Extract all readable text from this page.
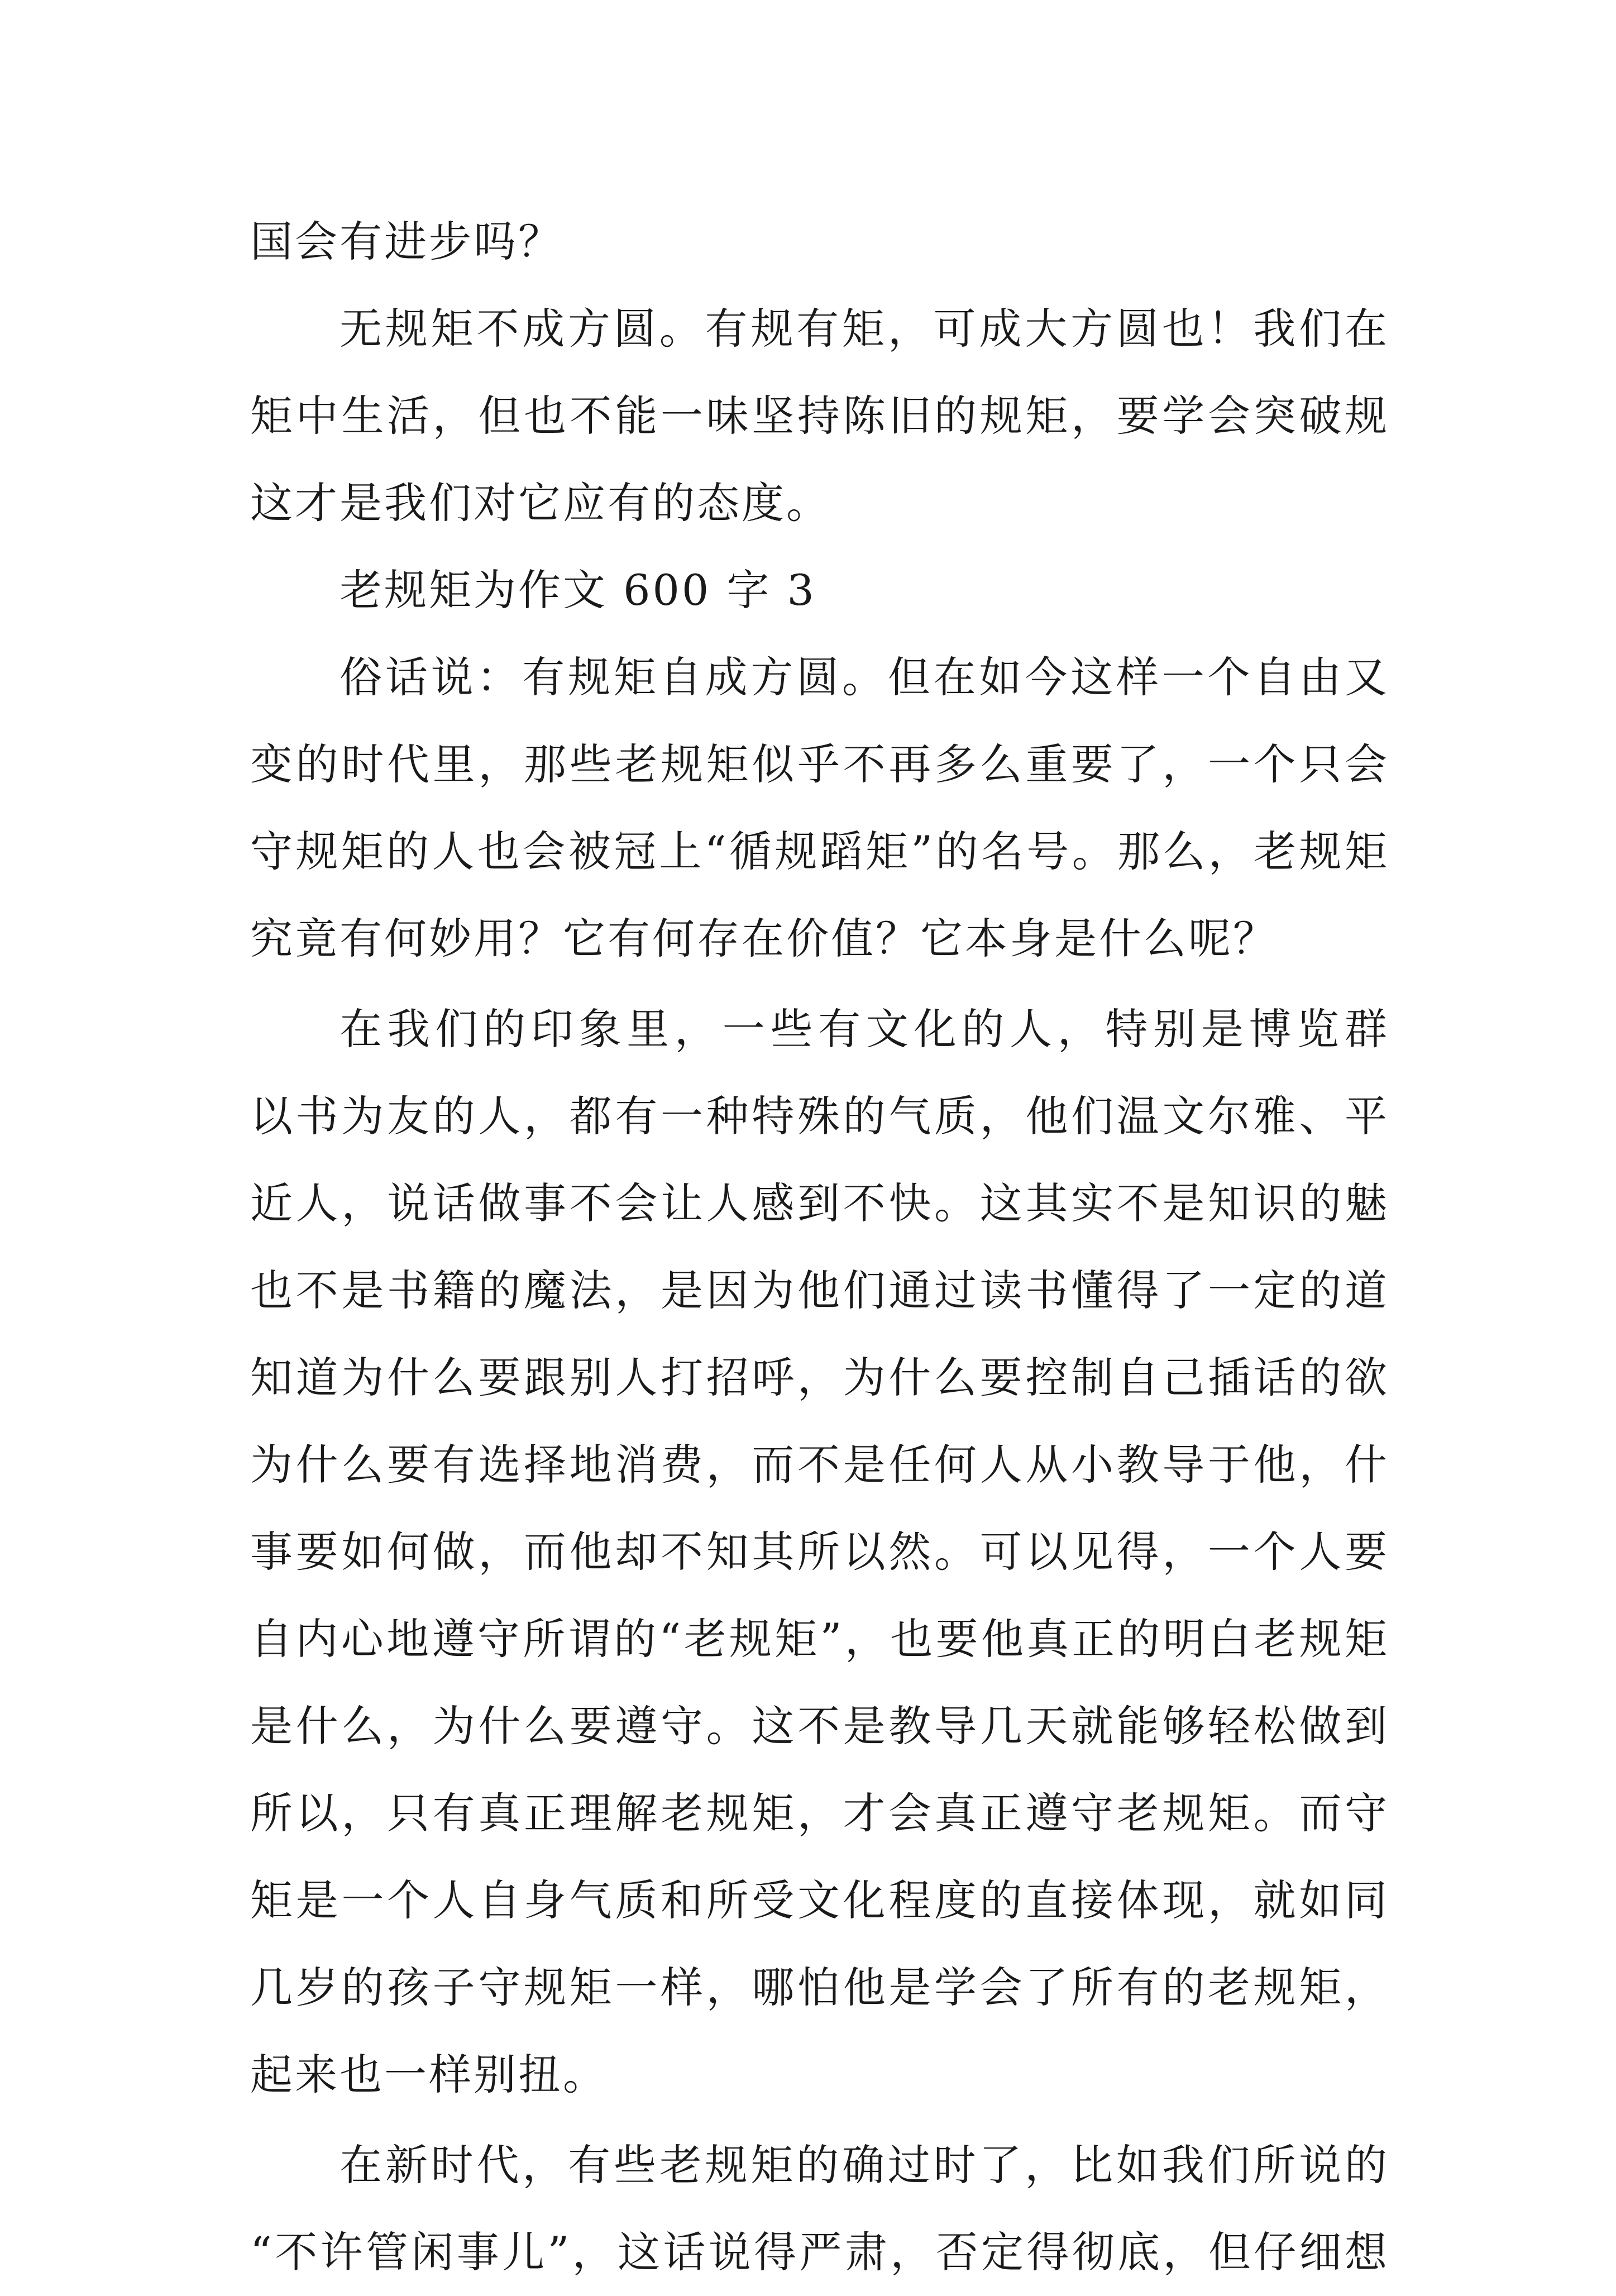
国会有进步吗？
无规矩不成方圆。有规有矩，可成大方圆也！我们在
矩中生活，但也不能一味坚持陈旧的规矩，要学会突破规
这才是我们对它应有的态度。
老规矩为作文 600 字 3
俗话说：有规矩自成方圆。但在如今这样一个自由又
变的时代里，那些老规矩似乎不再多么重要了，一个只会
守规矩的人也会被冠上“循规蹈矩”的名号。那么，老规矩
究竟有何妙用？它有何存在价值？它本身是什么呢？
在我们的印象里，一些有文化的人，特别是博览群
以书为友的人，都有一种特殊的气质，他们温文尔雅、平
近人，说话做事不会让人感到不快。这其实不是知识的魅
也不是书籍的魔法，是因为他们通过读书懂得了一定的道
知道为什么要跟别人打招呼，为什么要控制自己插话的欲
为什么要有选择地消费，而不是任何人从小教导于他，什
事要如何做，而他却不知其所以然。可以见得，一个人要
自内心地遵守所谓的“老规矩”，也要他真正的明白老规矩
是什么，为什么要遵守。这不是教导几天就能够轻松做到
所以，只有真正理解老规矩，才会真正遵守老规矩。而守
矩是一个人自身气质和所受文化程度的直接体现，就如同
几岁的孩子守规矩一样，哪怕他是学会了所有的老规矩，
起来也一样别扭。
在新时代，有些老规矩的确过时了，比如我们所说的
“不许管闲事儿”，这话说得严肃，否定得彻底，但仔细想
